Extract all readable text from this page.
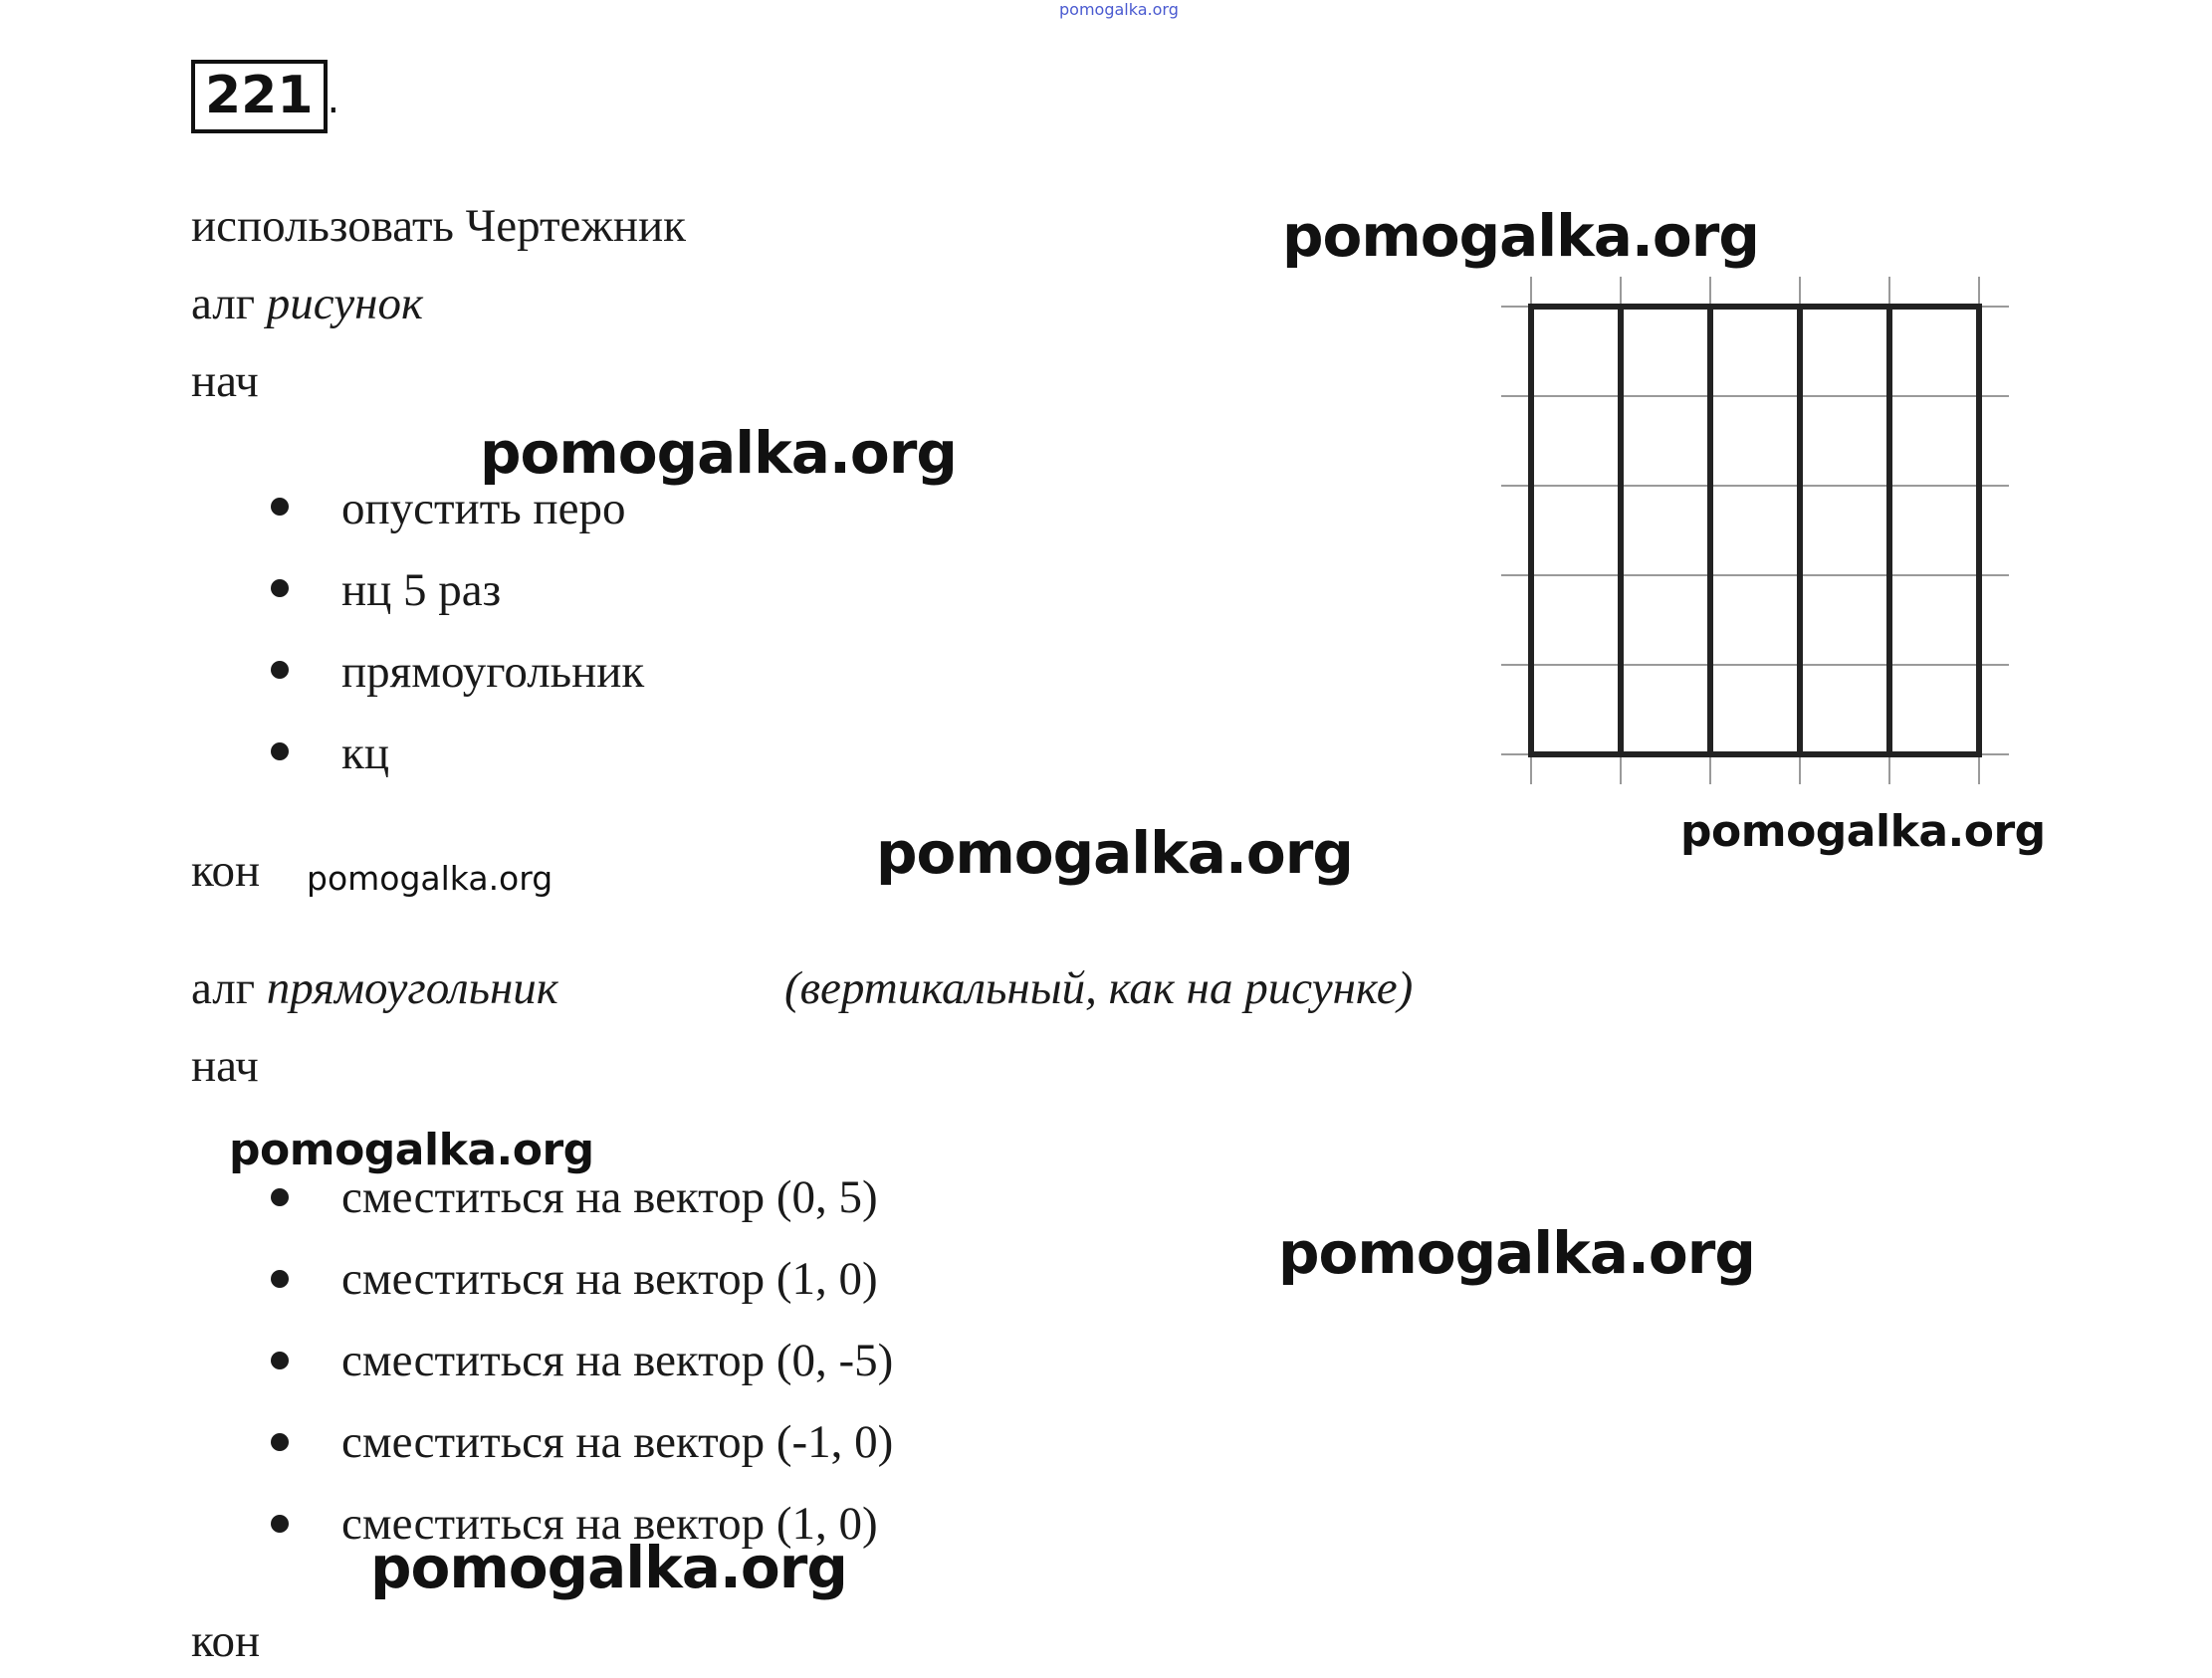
pomogalka.org
221 .
использовать Чертежник
алг рисунок
нач
опустить перо
нц 5 раз
прямоугольник
кц
кон
алг прямоугольник	(вертикальный, как на рисунке)
нач
сместиться на вектор (0, 5)
сместиться на вектор (1, 0)
сместиться на вектор (0, -5)
сместиться на вектор (-1, 0)
сместиться на вектор (1, 0)
кон
pomogalka.org
pomogalka.org
pomogalka.org
pomogalka.org	pomogalka.org
pomogalka.org
pomogalka.org
pomogalka.org
